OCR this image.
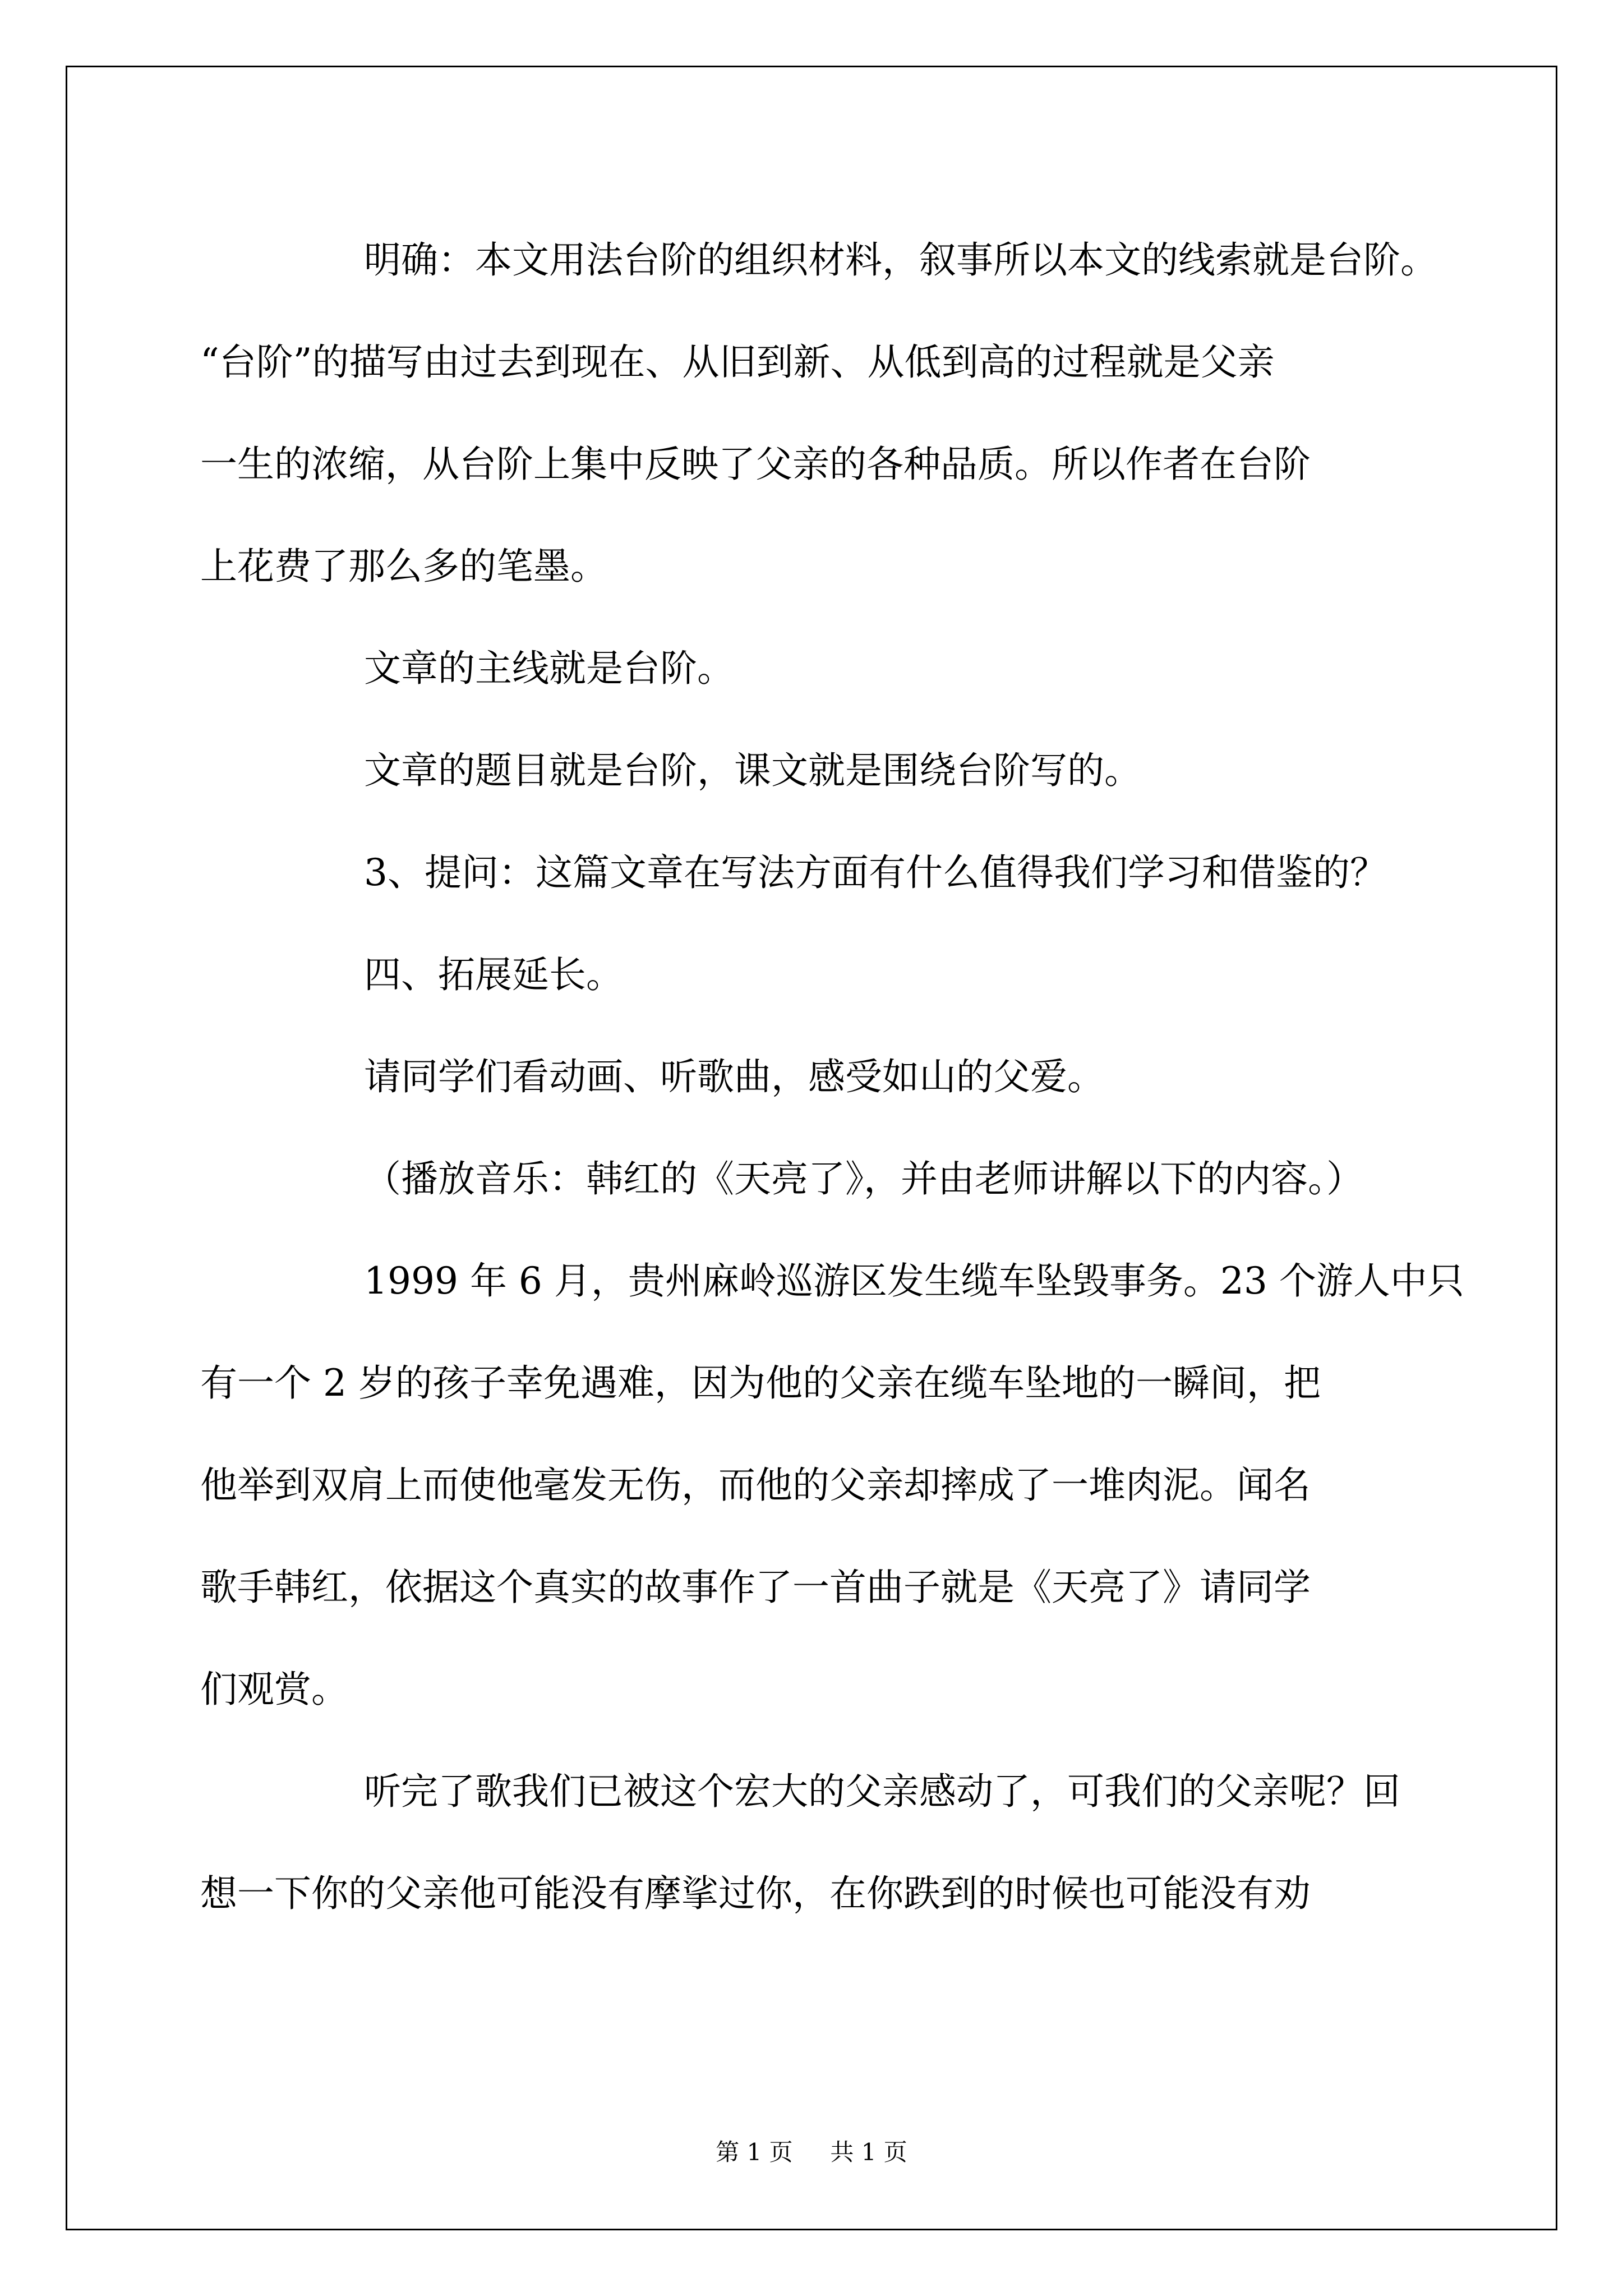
明确：本文用法台阶的组织材料，叙事所以本文的线索就是台阶。
“台阶”的描写由过去到现在、从旧到新、从低到高的过程就是父亲
一生的浓缩，从台阶上集中反映了父亲的各种品质。所以作者在台阶
上花费了那么多的笔墨。
文章的主线就是台阶。
文章的题目就是台阶，课文就是围绕台阶写的。
3、提问：这篇文章在写法方面有什么值得我们学习和借鉴的？
四、拓展延长。
请同学们看动画、听歌曲，感受如山的父爱。
（播放音乐：韩红的《天亮了》，并由老师讲解以下的内容。）
1999 年 6 月，贵州麻岭巡游区发生缆车坠毁事务。23 个游人中只
有一个 2 岁的孩子幸免遇难，因为他的父亲在缆车坠地的一瞬间，把
他举到双肩上而使他毫发无伤，而他的父亲却摔成了一堆肉泥。闻名
歌手韩红，依据这个真实的故事作了一首曲子就是《天亮了》请同学
们观赏。
听完了歌我们已被这个宏大的父亲感动了，可我们的父亲呢？回
想一下你的父亲他可能没有摩挲过你，在你跌到的时候也可能没有劝
第 1 页 共 1 页
